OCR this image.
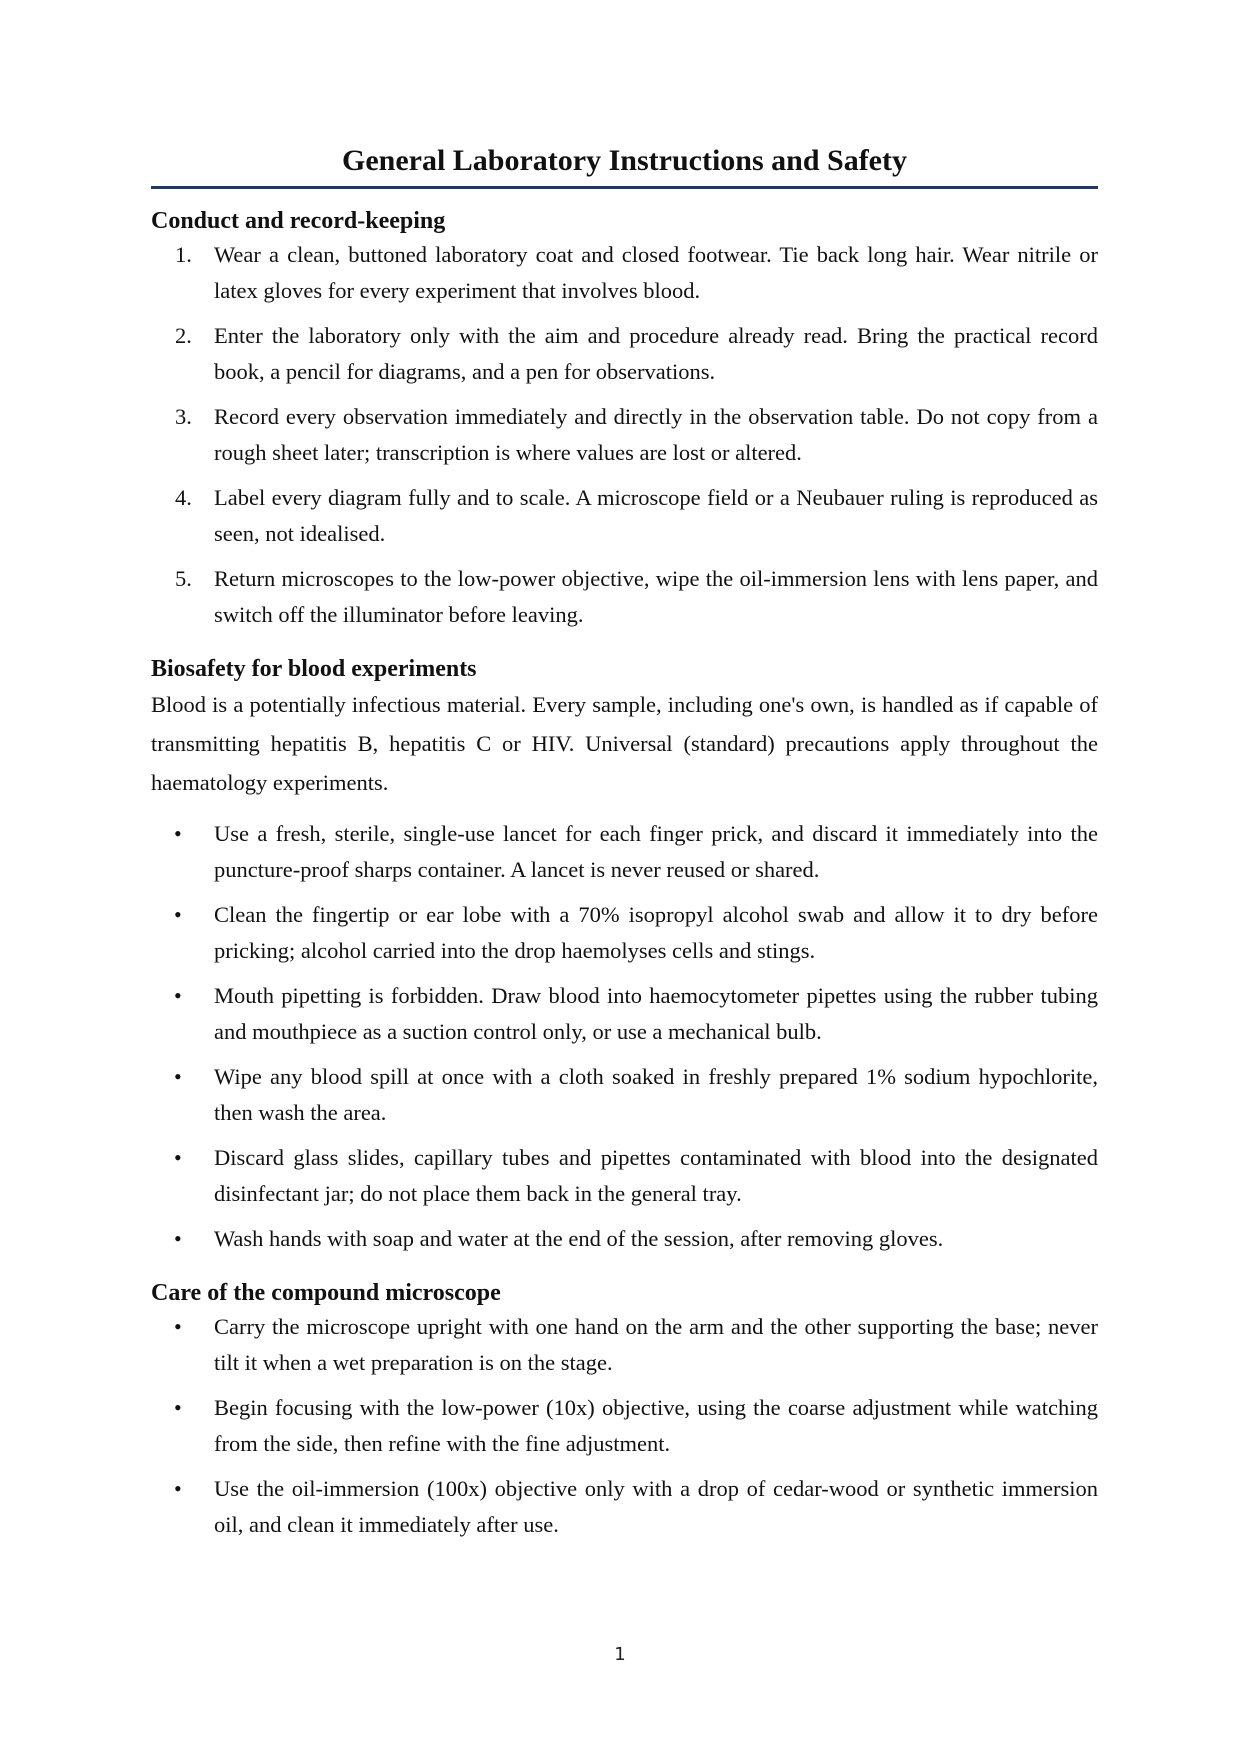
General Laboratory Instructions and Safety
Conduct and record-keeping
1. Wear a clean, buttoned laboratory coat and closed footwear. Tie back long hair. Wear nitrile or latex gloves for every experiment that involves blood.
2. Enter the laboratory only with the aim and procedure already read. Bring the practical record book, a pencil for diagrams, and a pen for observations.
3. Record every observation immediately and directly in the observation table. Do not copy from a rough sheet later; transcription is where values are lost or altered.
4. Label every diagram fully and to scale. A microscope field or a Neubauer ruling is reproduced as seen, not idealised.
5. Return microscopes to the low-power objective, wipe the oil-immersion lens with lens paper, and switch off the illuminator before leaving.
Biosafety for blood experiments

Blood is a potentially infectious material. Every sample, including one's own, is handled as if capable of transmitting hepatitis B, hepatitis C or HIV. Universal (standard) precautions apply throughout the haematology experiments.

• Use a fresh, sterile, single-use lancet for each finger prick, and discard it immediately into the puncture-proof sharps container. A lancet is never reused or shared.
• Clean the fingertip or ear lobe with a 70% isopropyl alcohol swab and allow it to dry before pricking; alcohol carried into the drop haemolyses cells and stings.
• Mouth pipetting is forbidden. Draw blood into haemocytometer pipettes using the rubber tubing and mouthpiece as a suction control only, or use a mechanical bulb.
• Wipe any blood spill at once with a cloth soaked in freshly prepared 1% sodium hypochlorite, then wash the area.
• Discard glass slides, capillary tubes and pipettes contaminated with blood into the designated disinfectant jar; do not place them back in the general tray.
• Wash hands with soap and water at the end of the session, after removing gloves.
Care of the compound microscope
• Carry the microscope upright with one hand on the arm and the other supporting the base; never tilt it when a wet preparation is on the stage.
• Begin focusing with the low-power (10x) objective, using the coarse adjustment while watching from the side, then refine with the fine adjustment.
• Use the oil-immersion (100x) objective only with a drop of cedar-wood or synthetic immersion oil, and clean it immediately after use.
1
